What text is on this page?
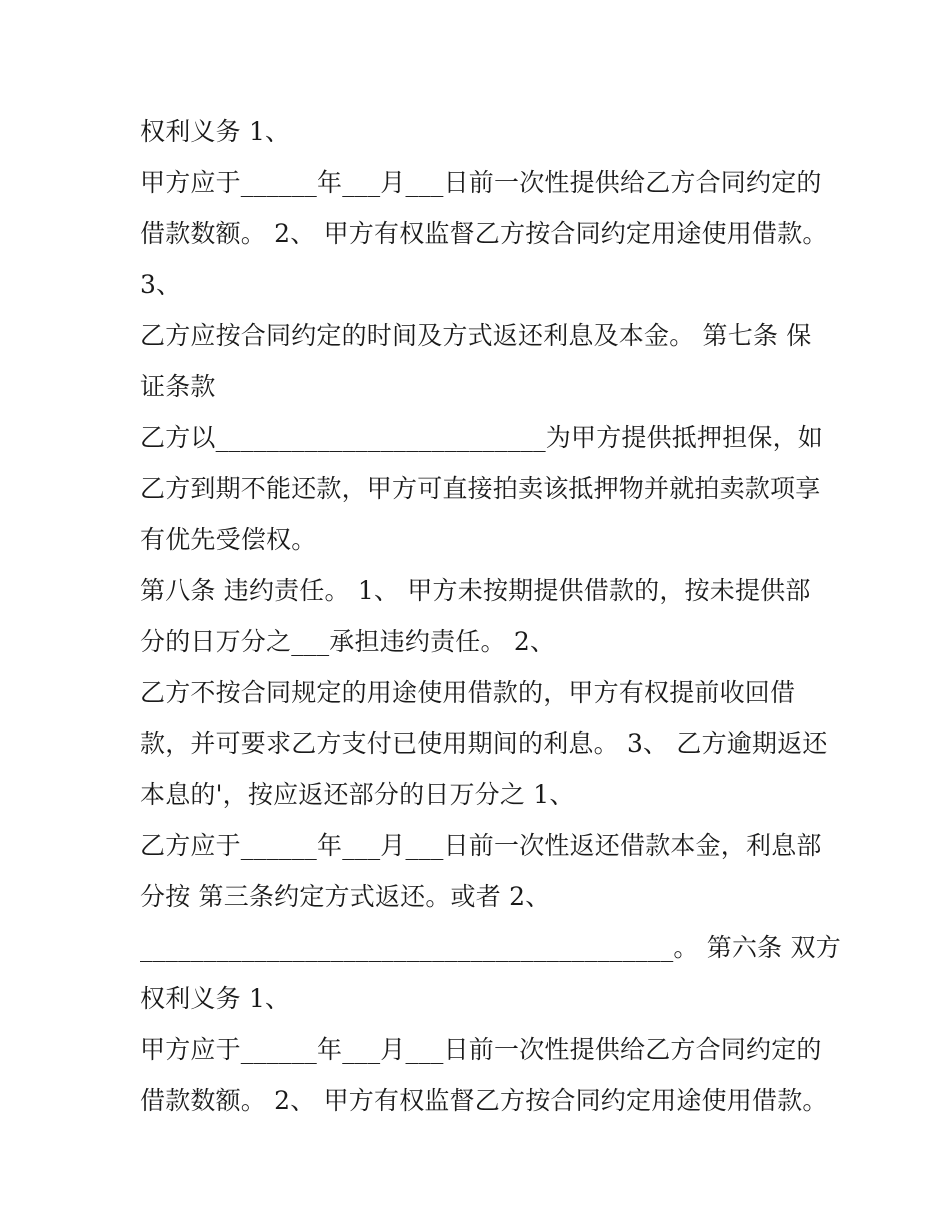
权利义务 1、
甲方应于______年___月___日前一次性提供给乙方合同约定的
借款数额。 2、 甲方有权监督乙方按合同约定用途使用借款。
3、
乙方应按合同约定的时间及方式返还利息及本金。 第七条 保
证条款
乙方以__________________________为甲方提供抵押担保，如
乙方到期不能还款，甲方可直接拍卖该抵押物并就拍卖款项享
有优先受偿权。
第八条 违约责任。 1、 甲方未按期提供借款的，按未提供部
分的日万分之___承担违约责任。 2、
乙方不按合同规定的用途使用借款的，甲方有权提前收回借
款，并可要求乙方支付已使用期间的利息。 3、 乙方逾期返还
本息的'，按应返还部分的日万分之 1、
乙方应于______年___月___日前一次性返还借款本金，利息部
分按 第三条约定方式返还。或者 2、
__________________________________________。 第六条 双方
权利义务 1、
甲方应于______年___月___日前一次性提供给乙方合同约定的
借款数额。 2、 甲方有权监督乙方按合同约定用途使用借款。
